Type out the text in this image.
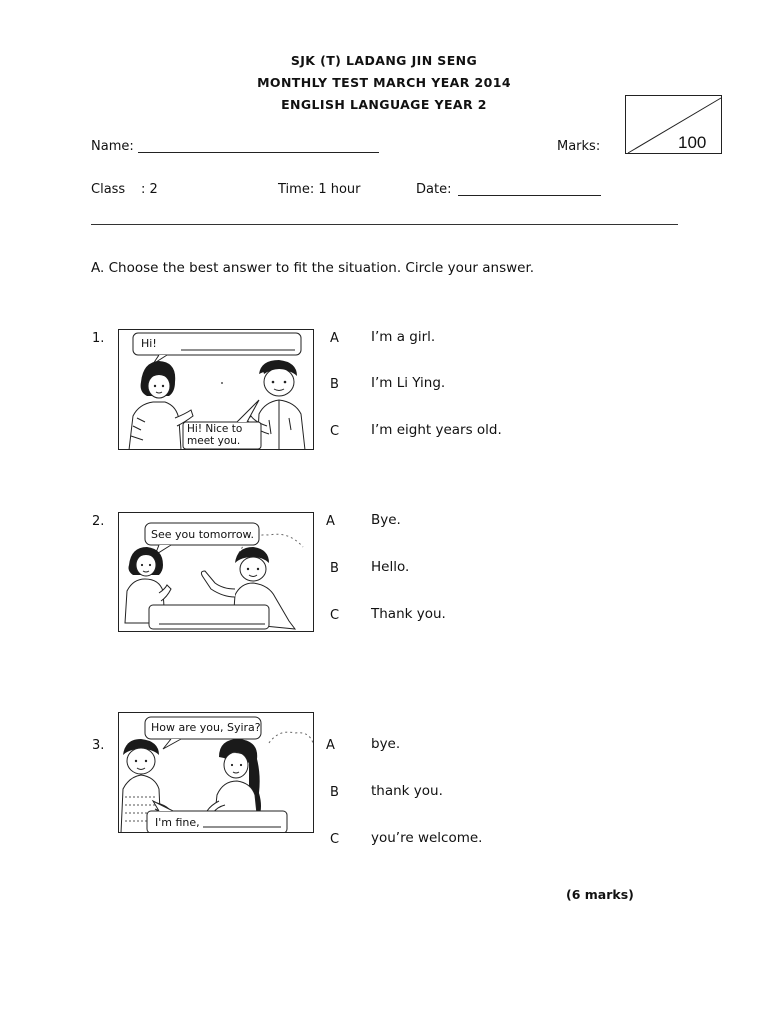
SJK (T) LADANG JIN SENG
MONTHLY TEST MARCH YEAR 2014
ENGLISH LANGUAGE YEAR 2
100
Name:	Marks:
Class : 2	Time: 1 hour	Date:
A. Choose the best answer to fit the situation. Circle your answer.
1.	Hi!
Hi! Nice to
meet you.
A I’m a girl.
B I’m Li Ying.
C I’m eight years old.
2.
See you tomorrow.
A	Bye.
B Hello.
C Thank you.
3.
How are you, Syira?
I'm fine,
A	bye.
B thank you.
C you’re welcome.
(6 marks)
